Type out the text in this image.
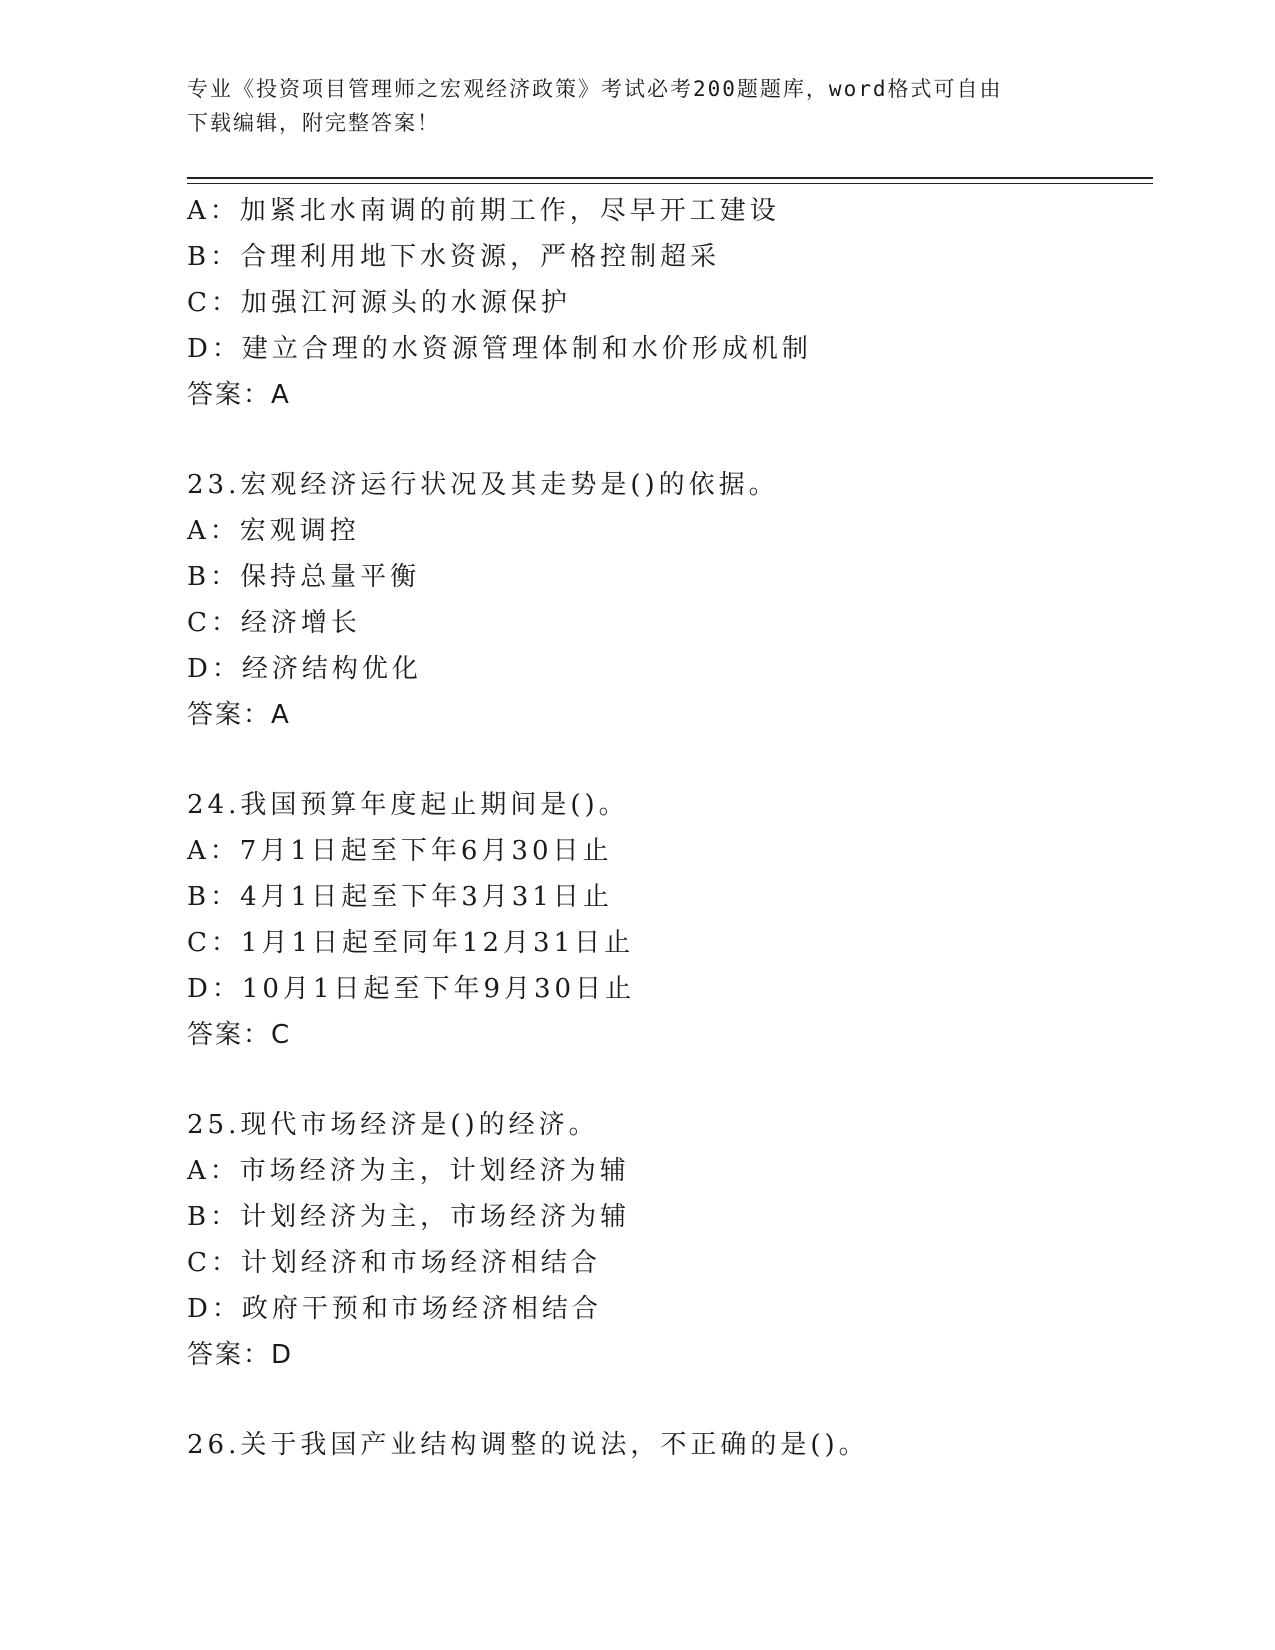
专业《投资项目管理师之宏观经济政策》考试必考200题题库，word格式可自由
下载编辑，附完整答案！
A：加紧北水南调的前期工作，尽早开工建设
B：合理利用地下水资源，严格控制超采
C：加强江河源头的水源保护
D：建立合理的水资源管理体制和水价形成机制
答案：A
23.宏观经济运行状况及其走势是()的依据。
A：宏观调控
B：保持总量平衡
C：经济增长
D：经济结构优化
答案：A
24.我国预算年度起止期间是()。
A：7月1日起至下年6月30日止
B：4月1日起至下年3月31日止
C：1月1日起至同年12月31日止
D：10月1日起至下年9月30日止
答案：C
25.现代市场经济是()的经济。
A：市场经济为主，计划经济为辅
B：计划经济为主，市场经济为辅
C：计划经济和市场经济相结合
D：政府干预和市场经济相结合
答案：D
26.关于我国产业结构调整的说法，不正确的是()。
